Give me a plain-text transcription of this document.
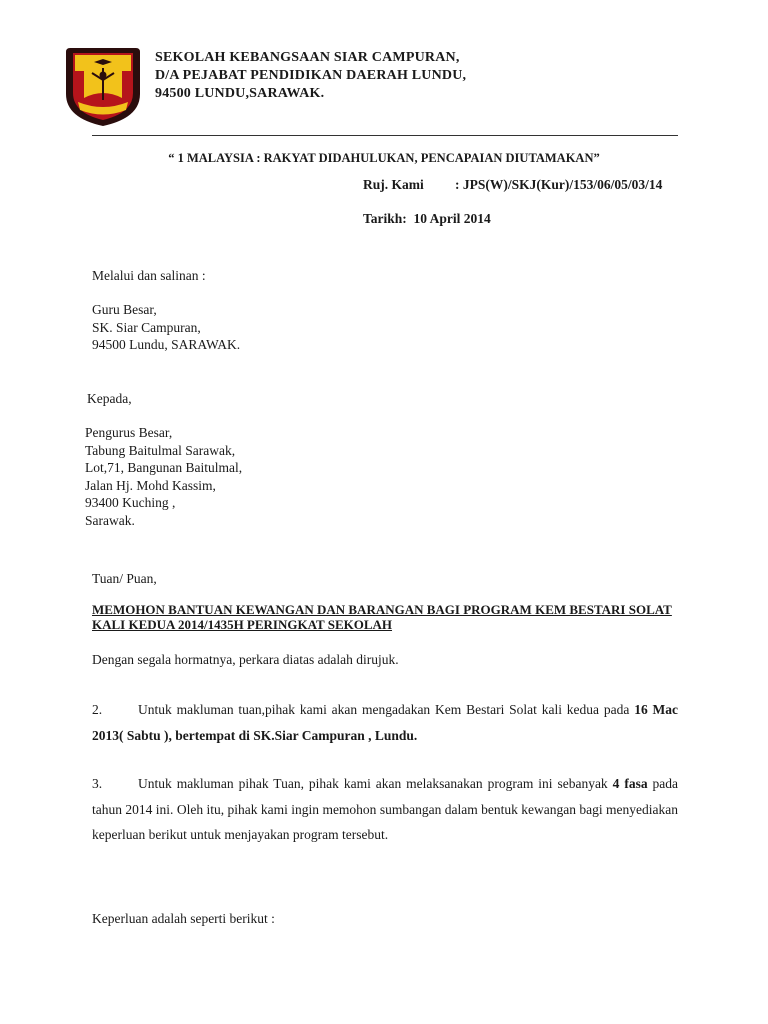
SEKOLAH KEBANGSAAN SIAR CAMPURAN,
D/A PEJABAT PENDIDIKAN DAERAH LUNDU,
94500 LUNDU,SARAWAK.
“ 1 MALAYSIA : RAKYAT DIDAHULUKAN, PENCAPAIAN DIUTAMAKAN”
Ruj. Kami : JPS(W)/SKJ(Kur)/153/06/05/03/14
Tarikh: 10 April 2014
Melalui dan salinan :
Guru Besar,
SK. Siar Campuran,
94500 Lundu, SARAWAK.
Kepada,
Pengurus Besar,
Tabung Baitulmal Sarawak,
Lot,71, Bangunan Baitulmal,
Jalan Hj. Mohd Kassim,
93400 Kuching ,
Sarawak.
Tuan/ Puan,
MEMOHON BANTUAN KEWANGAN DAN BARANGAN BAGI PROGRAM KEM BESTARI SOLAT KALI KEDUA 2014/1435H PERINGKAT SEKOLAH
Dengan segala hormatnya, perkara diatas adalah dirujuk.
2.	Untuk makluman tuan,pihak kami akan mengadakan Kem Bestari Solat kali kedua pada 16 Mac 2013( Sabtu ), bertempat di SK.Siar Campuran , Lundu.
3.	Untuk makluman pihak Tuan, pihak kami akan melaksanakan program ini sebanyak 4 fasa pada tahun 2014 ini. Oleh itu, pihak kami ingin memohon sumbangan dalam bentuk kewangan bagi menyediakan keperluan berikut untuk menjayakan program tersebut.
Keperluan adalah seperti berikut :
